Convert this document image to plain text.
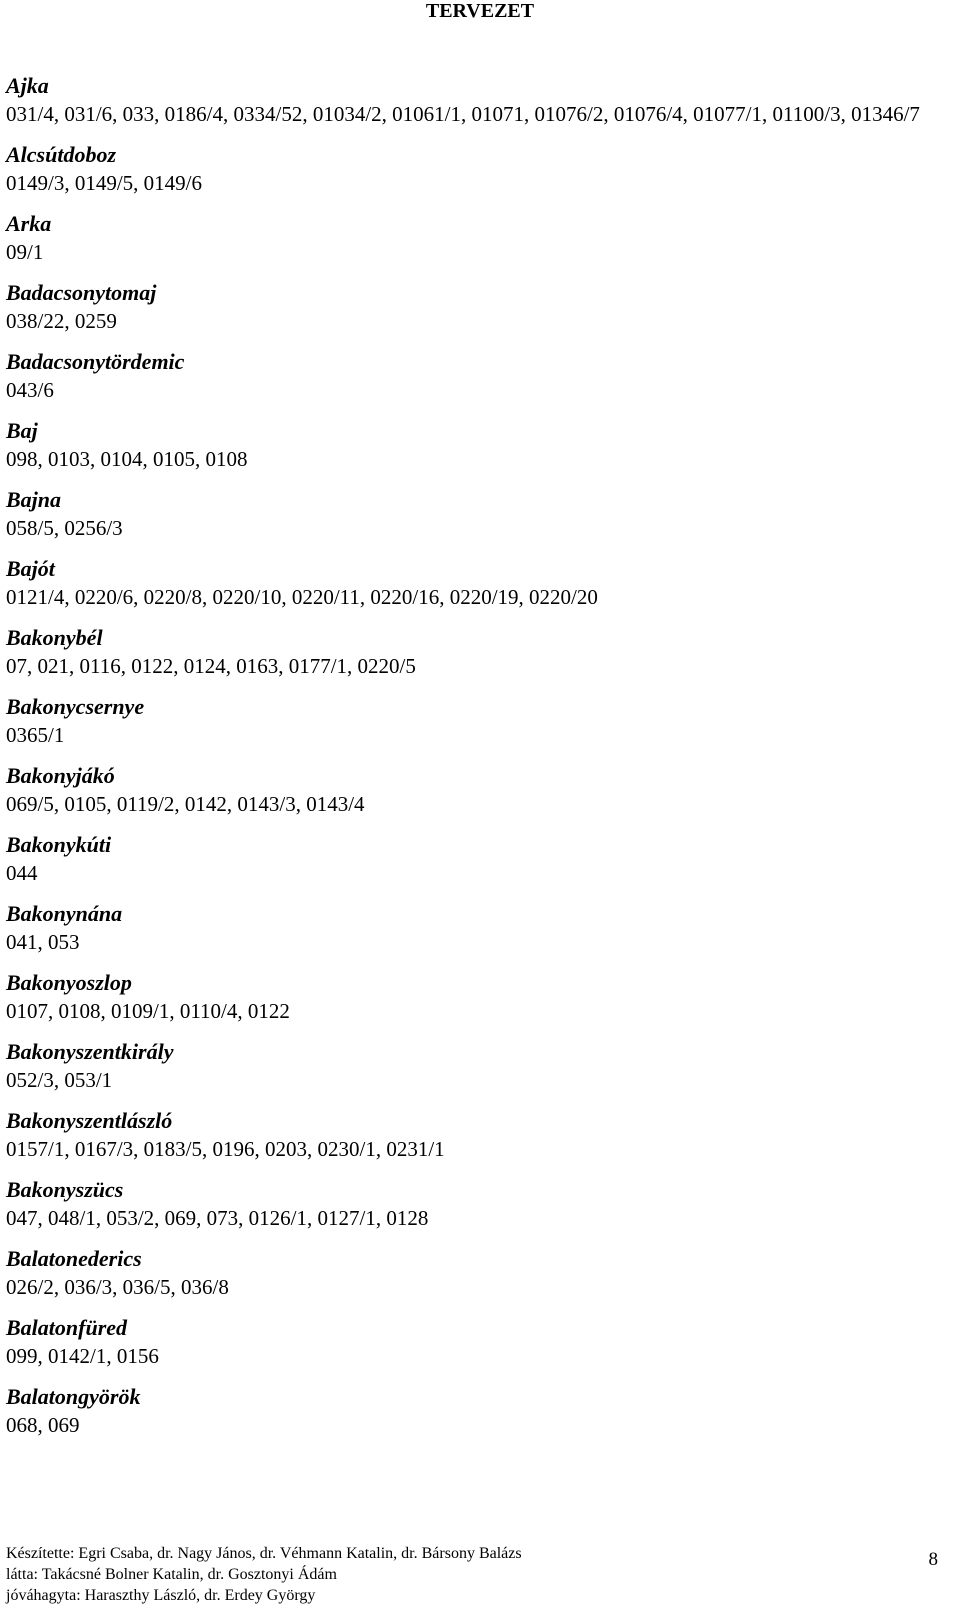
TERVEZET
Ajka
031/4, 031/6, 033, 0186/4, 0334/52, 01034/2, 01061/1, 01071, 01076/2, 01076/4, 01077/1, 01100/3, 01346/7
Alcsútdoboz
0149/3, 0149/5, 0149/6
Arka
09/1
Badacsonytomaj
038/22, 0259
Badacsonytördemic
043/6
Baj
098, 0103, 0104, 0105, 0108
Bajna
058/5, 0256/3
Bajót
0121/4, 0220/6, 0220/8, 0220/10, 0220/11, 0220/16, 0220/19, 0220/20
Bakonybél
07, 021, 0116, 0122, 0124, 0163, 0177/1, 0220/5
Bakonycsernye
0365/1
Bakonyjákó
069/5, 0105, 0119/2, 0142, 0143/3, 0143/4
Bakonykúti
044
Bakonynána
041, 053
Bakonyoszlop
0107, 0108, 0109/1, 0110/4, 0122
Bakonyszentkirály
052/3, 053/1
Bakonyszentlászló
0157/1, 0167/3, 0183/5, 0196, 0203, 0230/1, 0231/1
Bakonyszücs
047, 048/1, 053/2, 069, 073, 0126/1, 0127/1, 0128
Balatonederics
026/2, 036/3, 036/5, 036/8
Balatonfüred
099, 0142/1, 0156
Balatongyörök
068, 069
Készítette: Egri Csaba, dr. Nagy János, dr. Véhmann Katalin, dr. Bársony Balázs
látta: Takácsné Bolner Katalin, dr. Gosztonyi Ádám
jóváhagyta: Haraszthy László, dr. Erdey György
8
